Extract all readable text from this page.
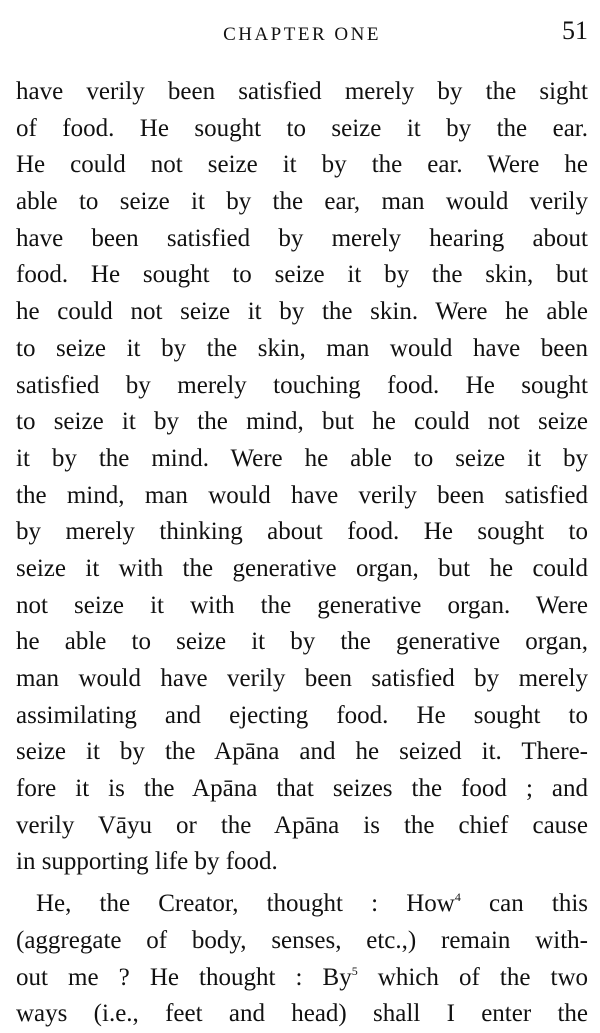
CHAPTER ONE	51
have verily been satisfied merely by the sight
of food. He sought to seize it by the ear.
He could not seize it by the ear. Were he
able to seize it by the ear, man would verily
have been satisfied by merely hearing about
food. He sought to seize it by the skin, but
he could not seize it by the skin. Were he able
to seize it by the skin, man would have been
satisfied by merely touching food. He sought
to seize it by the mind, but he could not seize
it by the mind. Were he able to seize it by
the mind, man would have verily been satisfied
by merely thinking about food. He sought to
seize it with the generative organ, but he could
not seize it with the generative organ. Were
he able to seize it by the generative organ,
man would have verily been satisfied by merely
assimilating and ejecting food. He sought to
seize it by the Apāna and he seized it. There-
fore it is the Apāna that seizes the food ; and
verily Vāyu or the Apāna is the chief cause
in supporting life by food.
He, the Creator, thought : How$^4$ can this
(aggregate of body, senses, etc.,) remain with-
out me ? He thought : By$^5$ which of the two
ways (i.e., feet and head) shall I enter the
